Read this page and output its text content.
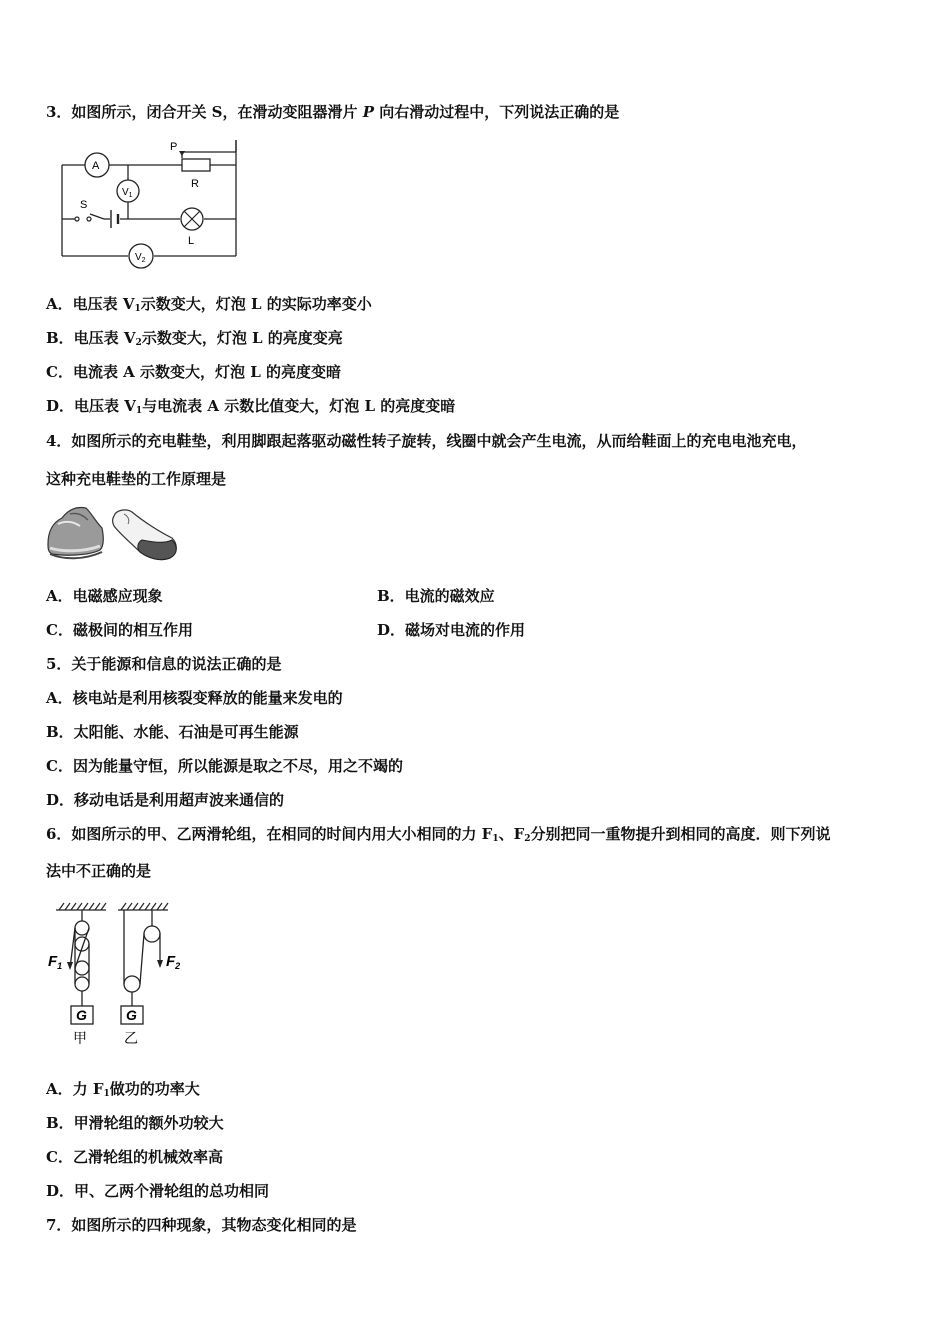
3．如图所示，闭合开关 S，在滑动变阻器滑片 P 向右滑动过程中，下列说法正确的是
P
R
A
$V_1$
S
L
$V_2$
A．电压表 $V_1$示数变大，灯泡 L 的实际功率变小
B．电压表 $V_2$示数变大，灯泡 L 的亮度变亮
C．电流表 A 示数变大，灯泡 L 的亮度变暗
D．电压表 $V_1$与电流表 A 示数比值变大，灯泡 L 的亮度变暗
4．如图所示的充电鞋垫，利用脚跟起落驱动磁性转子旋转，线圈中就会产生电流，从而给鞋面上的充电电池充电，
这种充电鞋垫的工作原理是
A．电磁感应现象	B．电流的磁效应
C．磁极间的相互作用	D．磁场对电流的作用
5．关于能源和信息的说法正确的是
A．核电站是利用核裂变释放的能量来发电的
B．太阳能、水能、石油是可再生能源
C．因为能量守恒，所以能源是取之不尽，用之不竭的
D．移动电话是利用超声波来通信的
6．如图所示的甲、乙两滑轮组，在相同的时间内用大小相同的力 $F_1$、$F_2$分别把同一重物提升到相同的高度．则下列说
法中不正确的是
$F_1$
G
甲
$F_2$
G
乙
A．力 $F_1$做功的功率大
B．甲滑轮组的额外功较大
C．乙滑轮组的机械效率高
D．甲、乙两个滑轮组的总功相同
7．如图所示的四种现象，其物态变化相同的是
